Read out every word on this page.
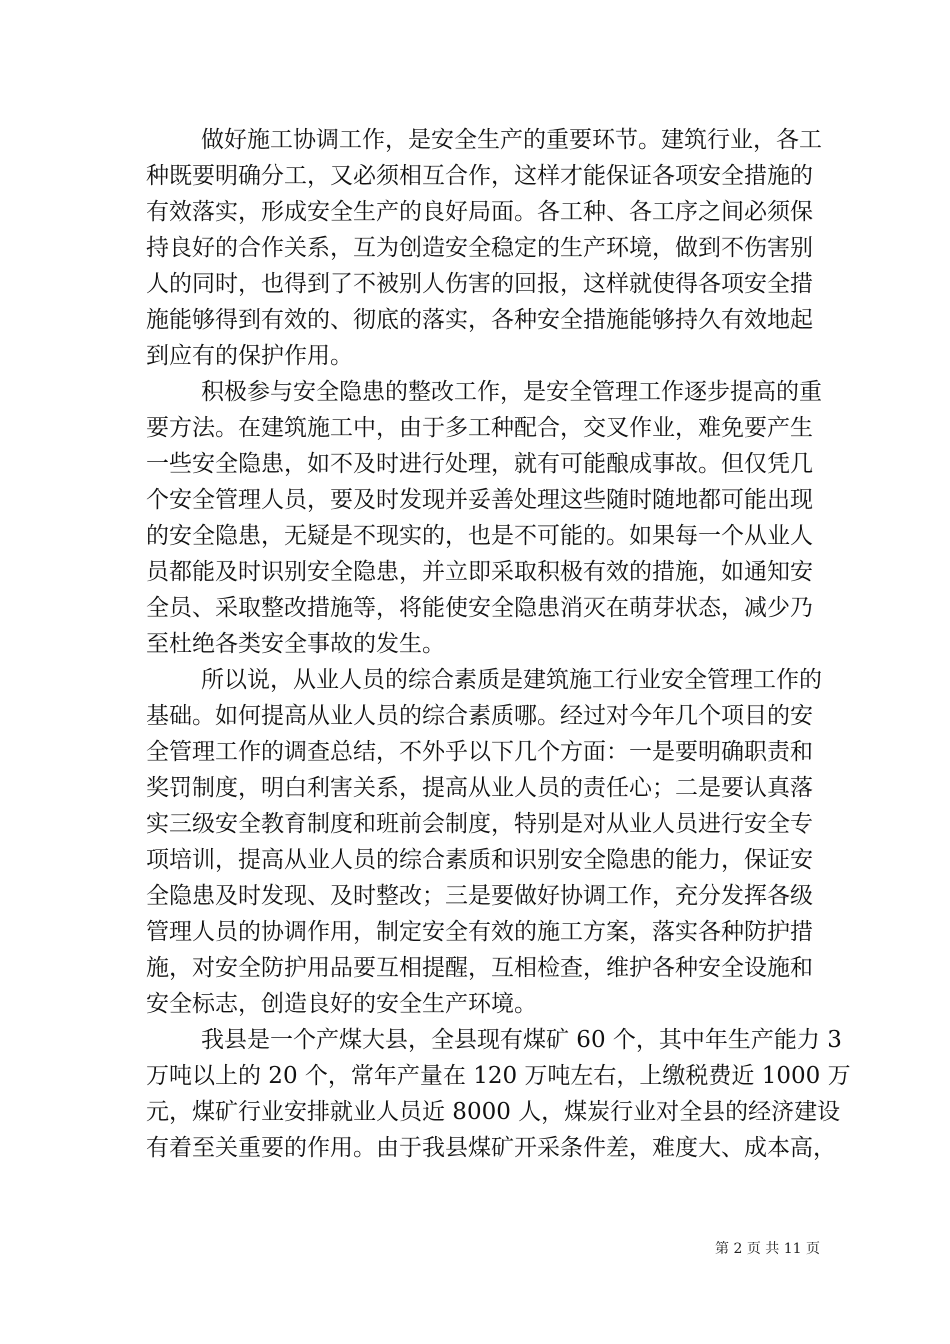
做好施工协调工作，是安全生产的重要环节。建筑行业，各工
种既要明确分工，又必须相互合作，这样才能保证各项安全措施的
有效落实，形成安全生产的良好局面。各工种、各工序之间必须保
持良好的合作关系，互为创造安全稳定的生产环境，做到不伤害别
人的同时，也得到了不被别人伤害的回报，这样就使得各项安全措
施能够得到有效的、彻底的落实，各种安全措施能够持久有效地起
到应有的保护作用。
积极参与安全隐患的整改工作，是安全管理工作逐步提高的重
要方法。在建筑施工中，由于多工种配合，交叉作业，难免要产生
一些安全隐患，如不及时进行处理，就有可能酿成事故。但仅凭几
个安全管理人员，要及时发现并妥善处理这些随时随地都可能出现
的安全隐患，无疑是不现实的，也是不可能的。如果每一个从业人
员都能及时识别安全隐患，并立即采取积极有效的措施，如通知安
全员、采取整改措施等，将能使安全隐患消灭在萌芽状态，减少乃
至杜绝各类安全事故的发生。
所以说，从业人员的综合素质是建筑施工行业安全管理工作的
基础。如何提高从业人员的综合素质哪。经过对今年几个项目的安
全管理工作的调查总结，不外乎以下几个方面：一是要明确职责和
奖罚制度，明白利害关系，提高从业人员的责任心；二是要认真落
实三级安全教育制度和班前会制度，特别是对从业人员进行安全专
项培训，提高从业人员的综合素质和识别安全隐患的能力，保证安
全隐患及时发现、及时整改；三是要做好协调工作，充分发挥各级
管理人员的协调作用，制定安全有效的施工方案，落实各种防护措
施，对安全防护用品要互相提醒，互相检查，维护各种安全设施和
安全标志，创造良好的安全生产环境。
我县是一个产煤大县，全县现有煤矿 60 个，其中年生产能力 3
万吨以上的 20 个，常年产量在 120 万吨左右，上缴税费近 1000 万
元，煤矿行业安排就业人员近 8000 人，煤炭行业对全县的经济建设
有着至关重要的作用。由于我县煤矿开采条件差，难度大、成本高，
第 2 页 共 11 页
